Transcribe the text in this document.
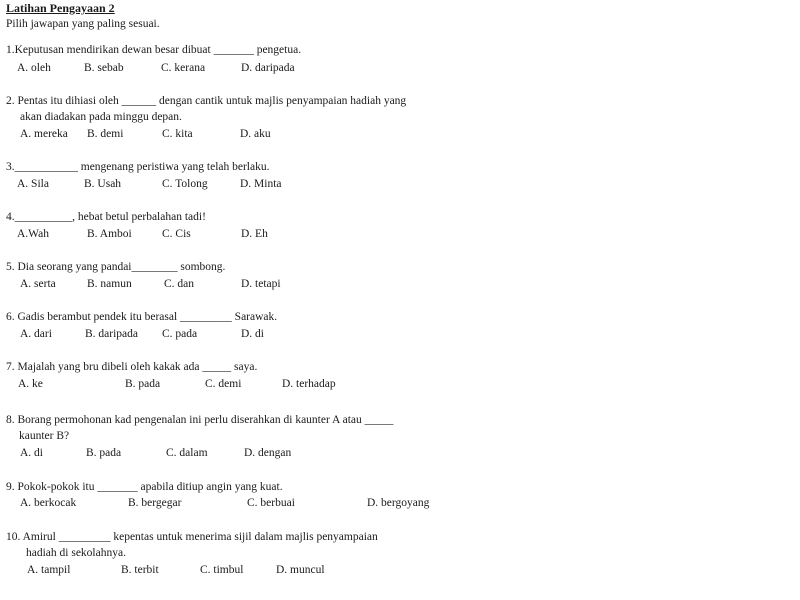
Latihan Pengayaan 2
Pilih jawapan yang paling sesuai.
1.Keputusan mendirikan dewan besar dibuat _______ pengetua.
A. oleh	B. sebab	C. kerana	D. daripada
2. Pentas itu dihiasi oleh ______ dengan cantik untuk majlis penyampaian hadiah yang
akan diadakan pada minggu depan.
A. mereka B. demi	C. kita	D. aku
3.___________ mengenang peristiwa yang telah berlaku.
A. Sila	B. Usah	C. Tolong	D. Minta
4.__________, hebat betul perbalahan tadi!
A.Wah	B. Amboi	C. Cis	D. Eh
5. Dia seorang yang pandai________ sombong.
A. serta	B. namun	C. dan	D. tetapi
6. Gadis berambut pendek itu berasal _________ Sarawak.
A. dari	B. daripada C. pada	D. di
7. Majalah yang bru dibeli oleh kakak ada _____ saya.
A. ke	B. pada	C. demi	D. terhadap
8. Borang permohonan kad pengenalan ini perlu diserahkan di kaunter A atau _____
kaunter B?
A. di	B. pada	C. dalam	D. dengan
9. Pokok-pokok itu _______ apabila ditiup angin yang kuat.
A. berkocak	B. bergegar	C. berbuai	D. bergoyang
10. Amirul _________ kepentas untuk menerima sijil dalam majlis penyampaian
hadiah di sekolahnya.
A. tampil	B. terbit	C. timbul	D. muncul
